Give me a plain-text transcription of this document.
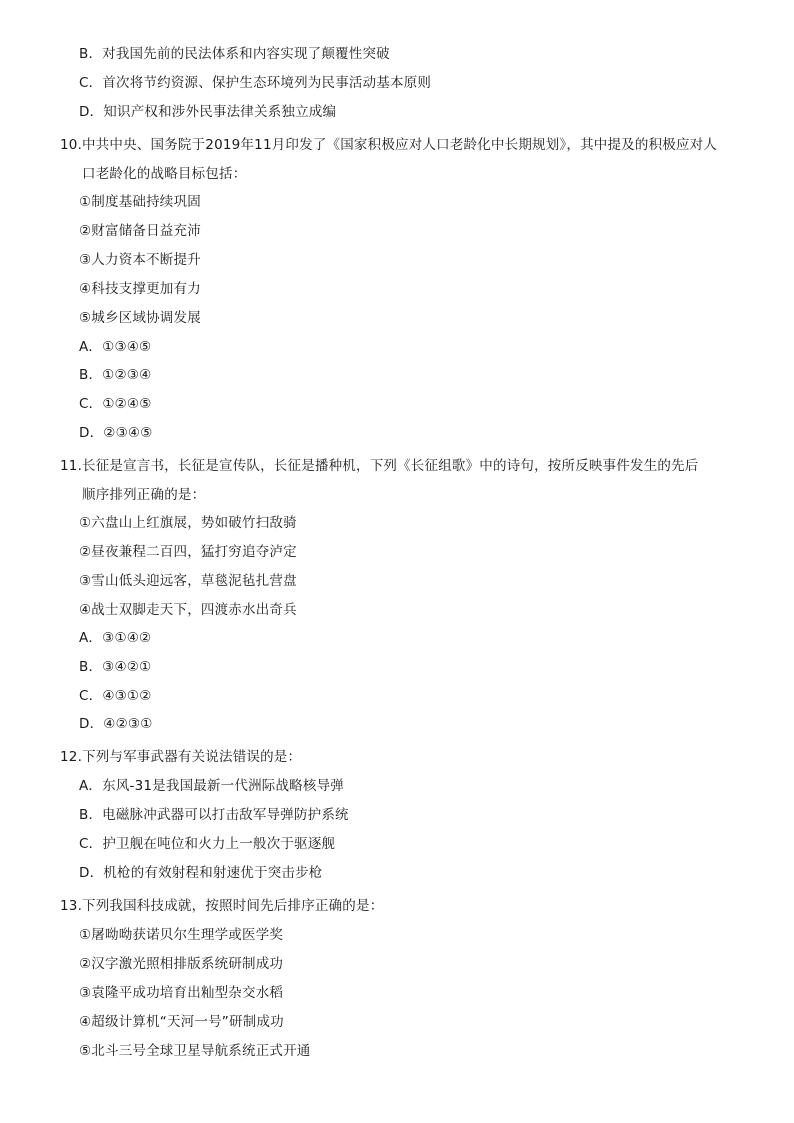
B．对我国先前的民法体系和内容实现了颠覆性突破
C．首次将节约资源、保护生态环境列为民事活动基本原则
D．知识产权和涉外民事法律关系独立成编
10.中共中央、国务院于2019年11月印发了《国家积极应对人口老龄化中长期规划》，其中提及的积极应对人
口老龄化的战略目标包括：
①制度基础持续巩固
②财富储备日益充沛
③人力资本不断提升
④科技支撑更加有力
⑤城乡区域协调发展
A．①③④⑤
B．①②③④
C．①②④⑤
D．②③④⑤
11.长征是宣言书，长征是宣传队，长征是播种机，下列《长征组歌》中的诗句，按所反映事件发生的先后
顺序排列正确的是：
①六盘山上红旗展，势如破竹扫敌骑
②昼夜兼程二百四，猛打穷追夺泸定
③雪山低头迎远客，草毯泥毡扎营盘
④战士双脚走天下，四渡赤水出奇兵
A．③①④②
B．③④②①
C．④③①②
D．④②③①
12.下列与军事武器有关说法错误的是：
A．东风-31是我国最新一代洲际战略核导弹
B．电磁脉冲武器可以打击敌军导弹防护系统
C．护卫舰在吨位和火力上一般次于驱逐舰
D．机枪的有效射程和射速优于突击步枪
13.下列我国科技成就，按照时间先后排序正确的是：
①屠呦呦获诺贝尔生理学或医学奖
②汉字激光照相排版系统研制成功
③袁隆平成功培育出籼型杂交水稻
④超级计算机“天河一号”研制成功
⑤北斗三号全球卫星导航系统正式开通
